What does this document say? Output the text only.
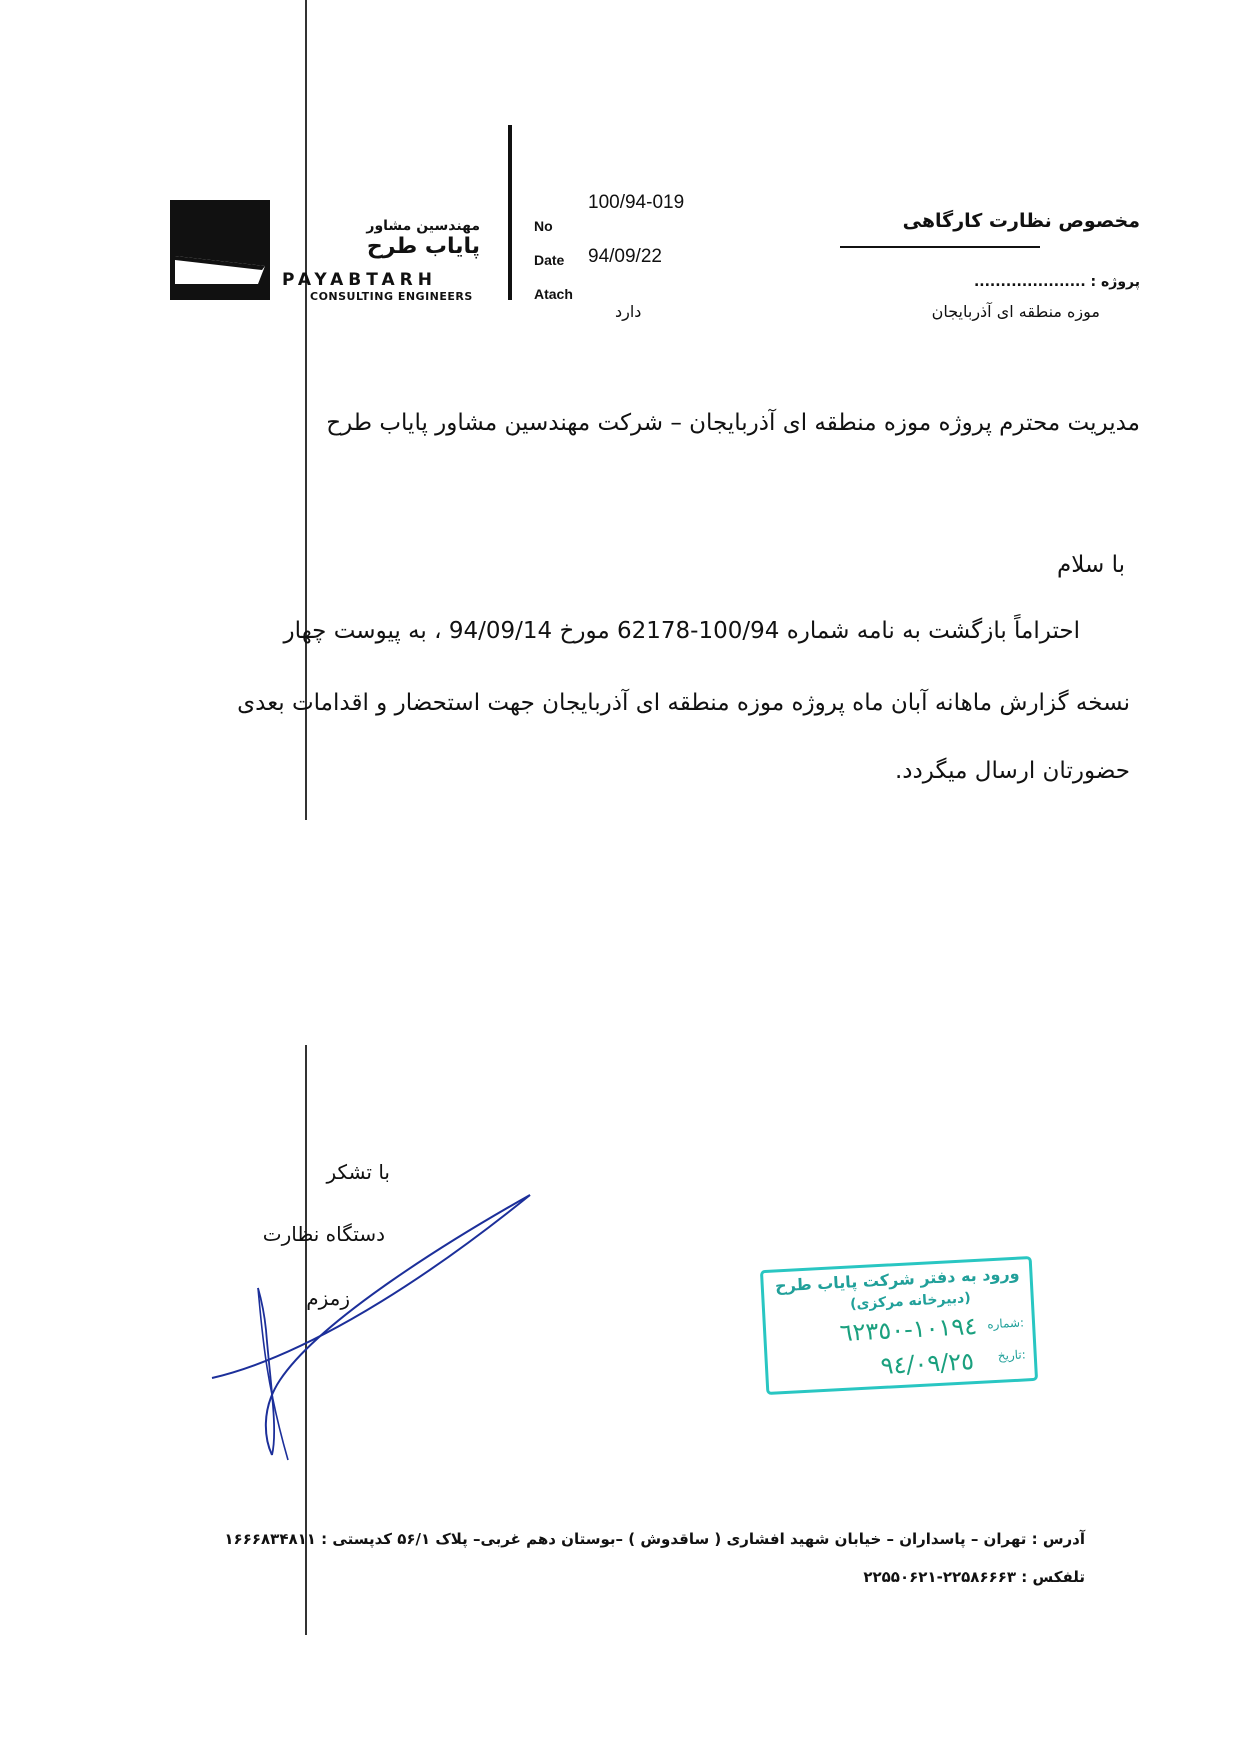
مهندسین مشاور
پایاب طرح
PAYABTARH
CONSULTING ENGINEERS
No
100/94-019
Date 94/09/22
Atach
دارد
مخصوص نظارت کارگاهی
پروژه : .....................
موزه منطقه ای آذربایجان
مدیریت محترم پروژه موزه منطقه ای آذربایجان – شرکت مهندسین مشاور پایاب طرح
با سلام
احتراماً بازگشت به نامه شماره 100/94-62178 مورخ 94/09/14 ، به پیوست چهار
نسخه گزارش ماهانه آبان ماه پروژه موزه منطقه ای آذربایجان جهت استحضار و اقدامات بعدی
حضورتان ارسال میگردد.
با تشکر
دستگاه نظارت
زمزم
ورود به دفتر شرکت پایاب طرح
(دبیرخانه مرکزی)
شماره:
١٠١٩٤-٦٢٣٥٠
تاریخ:
٩٤/٠٩/٢٥
آدرس : تهران – پاسداران – خیابان شهید افشاری ( ساقدوش ) –بوستان دهم غربی– پلاک ۵۶/۱ کدپستی : ۱۶۶۶۸۳۴۸۱۱
تلفکس : ۲۲۵۸۶۶۶۳-۲۲۵۵۰۶۲۱
